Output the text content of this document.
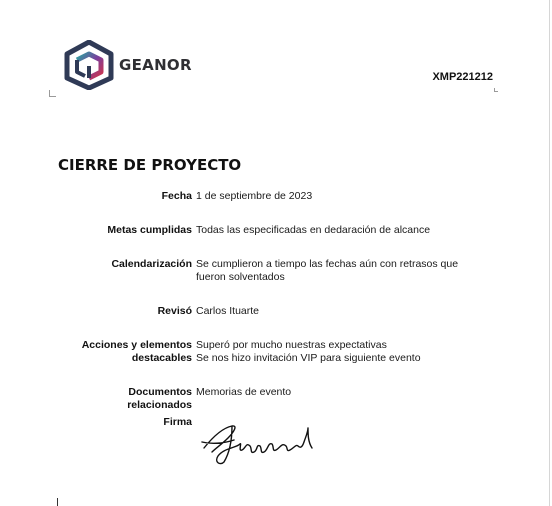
GEANOR
XMP221212
CIERRE DE PROYECTO
Fecha 1 de septiembre de 2023
Metas cumplidas Todas las especificadas en dedaración de alcance
Calendarización Se cumplieron a tiempo las fechas aún con retrasos que
fueron solventados
Revisó Carlos Ituarte
Acciones y elementos
destacables
Superó por mucho nuestras expectativas
Se nos hizo invitación VIP para siguiente evento
Documentos
relacionados
Memorias de evento
Firma
